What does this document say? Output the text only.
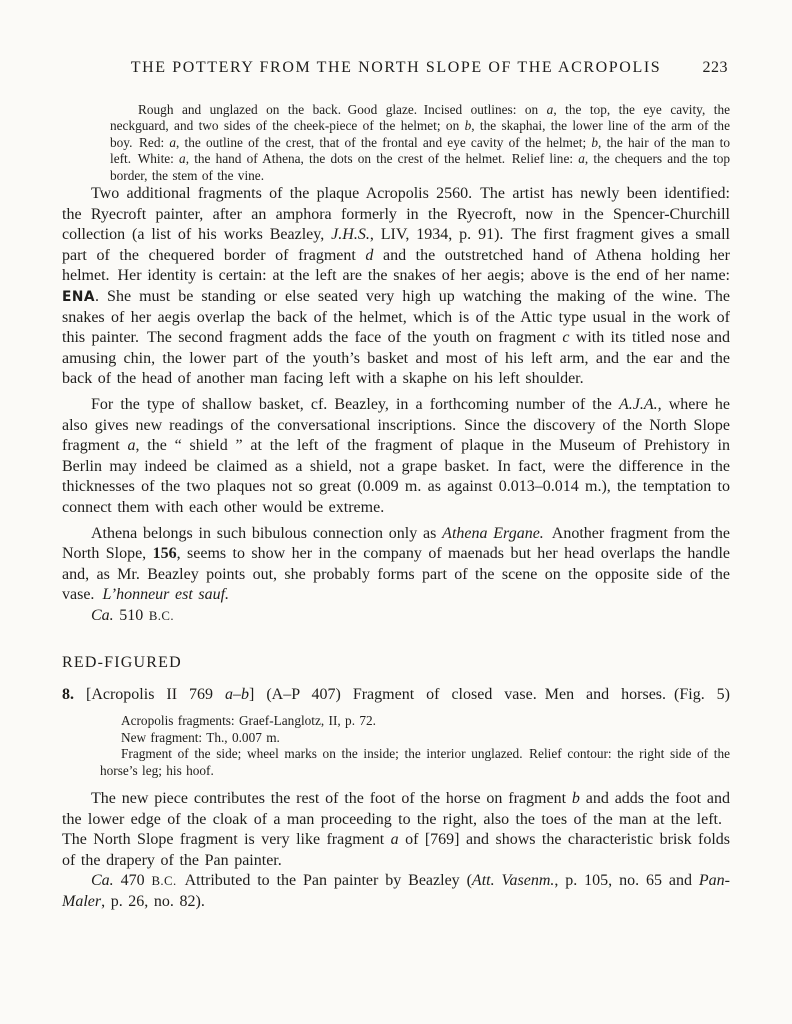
THE POTTERY FROM THE NORTH SLOPE OF THE ACROPOLIS	223

Rough and unglazed on the back. Good glaze. Incised outlines: on a, the top, the eye cavity, the neckguard, and two sides of the cheek-piece of the helmet; on b, the skaphai, the lower line of the arm of the boy. Red: a, the outline of the crest, that of the frontal and eye cavity of the helmet; b, the hair of the man to left. White: a, the hand of Athena, the dots on the crest of the helmet. Relief line: a, the chequers and the top border, the stem of the vine.

Two additional fragments of the plaque Acropolis 2560. The artist has newly been identified: the Ryecroft painter, after an amphora formerly in the Ryecroft, now in the Spencer-Churchill collection (a list of his works Beazley, J.H.S., LIV, 1934, p. 91). The first fragment gives a small part of the chequered border of fragment d and the outstretched hand of Athena holding her helmet. Her identity is certain: at the left are the snakes of her aegis; above is the end of her name: ENA. She must be standing or else seated very high up watching the making of the wine. The snakes of her aegis overlap the back of the helmet, which is of the Attic type usual in the work of this painter. The second fragment adds the face of the youth on fragment c with its titled nose and amusing chin, the lower part of the youth’s basket and most of his left arm, and the ear and the back of the head of another man facing left with a skaphe on his left shoulder.

For the type of shallow basket, cf. Beazley, in a forthcoming number of the A.J.A., where he also gives new readings of the conversational inscriptions. Since the discovery of the North Slope fragment a, the “ shield ” at the left of the fragment of plaque in the Museum of Prehistory in Berlin may indeed be claimed as a shield, not a grape basket. In fact, were the difference in the thicknesses of the two plaques not so great (0.009 m. as against 0.013–0.014 m.), the temptation to connect them with each other would be extreme.

Athena belongs in such bibulous connection only as Athena Ergane. Another fragment from the North Slope, 156, seems to show her in the company of maenads but her head overlaps the handle and, as Mr. Beazley points out, she probably forms part of the scene on the opposite side of the vase. L’honneur est sauf.

Ca. 510 B.C.

RED-FIGURED
8. [Acropolis II 769 a–b] (A–P 407) Fragment of closed vase. Men and horses. (Fig. 5)

Acropolis fragments: Graef-Langlotz, II, p. 72.

New fragment: Th., 0.007 m.

Fragment of the side; wheel marks on the inside; the interior unglazed. Relief contour: the right side of the horse’s leg; his hoof.

The new piece contributes the rest of the foot of the horse on fragment b and adds the foot and the lower edge of the cloak of a man proceeding to the right, also the toes of the man at the left. The North Slope fragment is very like fragment a of [769] and shows the characteristic brisk folds of the drapery of the Pan painter.

Ca. 470 B.C. Attributed to the Pan painter by Beazley (Att. Vasenm., p. 105, no. 65 and Pan-Maler, p. 26, no. 82).
